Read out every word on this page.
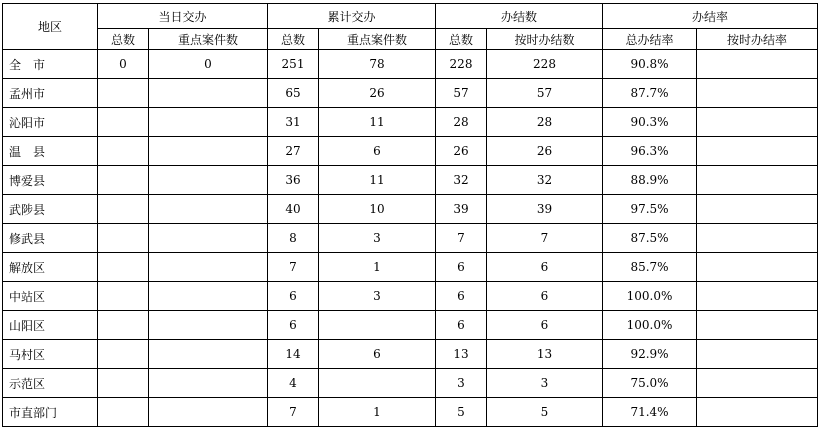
地区	当日交办		累计交办		办结数		办结率	
	总数	重点案件数	总数	重点案件数	总数	按时办结数	总办结率	按时办结率
全　市	0	0	251	78	228	228	90.8%	
孟州市			65	26	57	57	87.7%	
沁阳市			31	11	28	28	90.3%	
温　县			27	6	26	26	96.3%	
博爱县			36	11	32	32	88.9%	
武陟县			40	10	39	39	97.5%	
修武县			8	3	7	7	87.5%	
解放区			7	1	6	6	85.7%	
中站区			6	3	6	6	100.0%	
山阳区			6		6	6	100.0%	
马村区			14	6	13	13	92.9%	
示范区			4		3	3	75.0%	
市直部门			7	1	5	5	71.4%	
